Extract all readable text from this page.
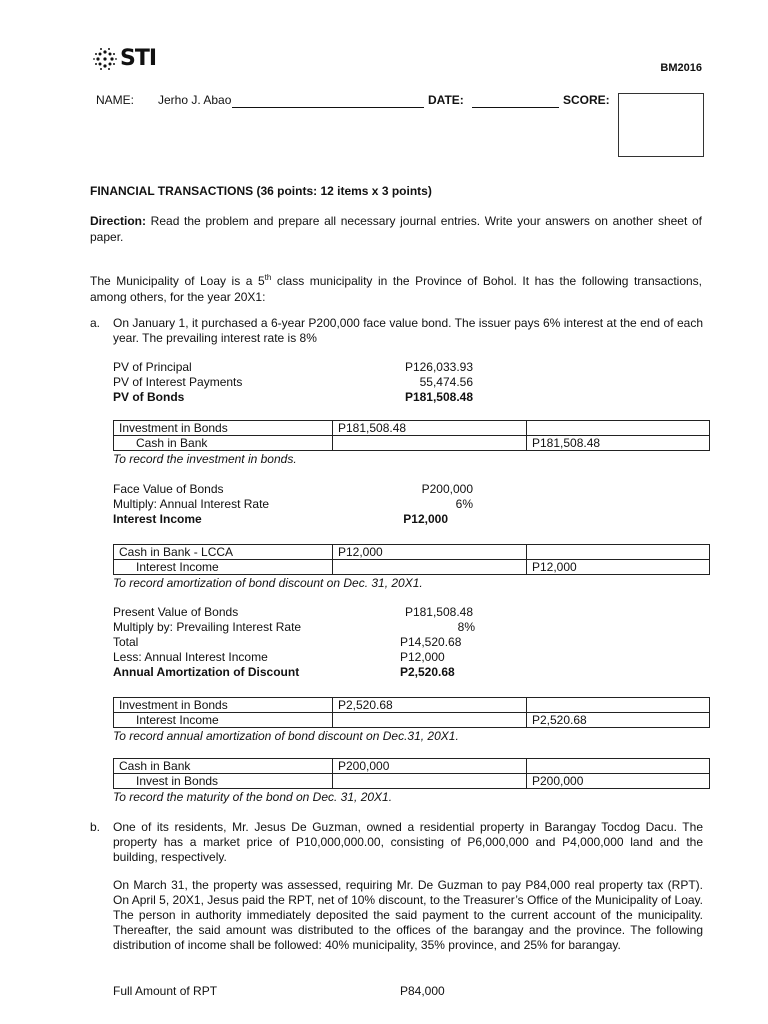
STI	BM2016
NAME: Jerho J. Abao	DATE:	SCORE:
FINANCIAL TRANSACTIONS (36 points: 12 items x 3 points)
Direction: Read the problem and prepare all necessary journal entries. Write your answers on another sheet of paper.
The Municipality of Loay is a 5th class municipality in the Province of Bohol. It has the following transactions, among others, for the year 20X1:
a. On January 1, it purchased a 6-year P200,000 face value bond. The issuer pays 6% interest at the end of each year. The prevailing interest rate is 8%
PV of Principal	P126,033.93
PV of Interest Payments	55,474.56
PV of Bonds	P181,508.48
Investment in Bonds	P181,508.48	
Cash in Bank		P181,508.48
To record the investment in bonds.
Face Value of Bonds	P200,000
Multiply: Annual Interest Rate	6%
Interest Income	P12,000
Cash in Bank - LCCA	P12,000	
Interest Income		P12,000
To record amortization of bond discount on Dec. 31, 20X1.
Present Value of Bonds	P181,508.48
Multiply by: Prevailing Interest Rate	8%
Total	P14,520.68
Less: Annual Interest Income	P12,000
Annual Amortization of Discount	P2,520.68
Investment in Bonds	P2,520.68	
Interest Income		P2,520.68
To record annual amortization of bond discount on Dec.31, 20X1.
Cash in Bank	P200,000	
Invest in Bonds		P200,000
To record the maturity of the bond on Dec. 31, 20X1.
b. One of its residents, Mr. Jesus De Guzman, owned a residential property in Barangay Tocdog Dacu. The property has a market price of P10,000,000.00, consisting of P6,000,000 and P4,000,000 land and the building, respectively.
On March 31, the property was assessed, requiring Mr. De Guzman to pay P84,000 real property tax (RPT). On April 5, 20X1, Jesus paid the RPT, net of 10% discount, to the Treasurer’s Office of the Municipality of Loay. The person in authority immediately deposited the said payment to the current account of the municipality. Thereafter, the said amount was distributed to the offices of the barangay and the province. The following distribution of income shall be followed: 40% municipality, 35% province, and 25% for barangay.
Full Amount of RPT	P84,000
